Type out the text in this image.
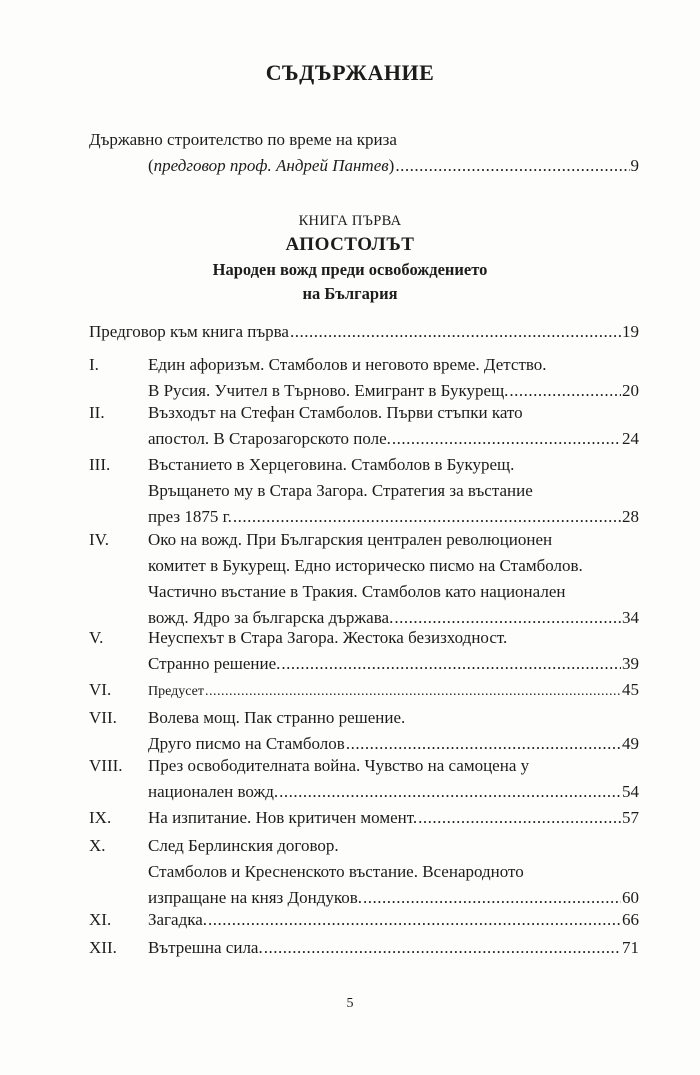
СЪДЪРЖАНИЕ
Държавно строителство по време на криза
( предговор проф. Андрей Пантев ) .....	9
КНИГА ПЪРВА
АПОСТОЛЪТ
Народен вожд преди освобождението
на България
Предговор към книга първа .....	19
I.	Един афоризъм. Стамболов и неговото време. Детство.
В Русия. Учител в Търново. Емигрант в Букурещ. .....	20
II.	Възходът на Стефан Стамболов. Първи стъпки като
апостол. В Старозагорското поле. .....	24
III.	Въстанието в Херцеговина. Стамболов в Букурещ.
Връщането му в Стара Загора. Стратегия за въстание
през 1875 г. .....	28
IV.	Око на вожд. При Българския централен революционен
комитет в Букурещ. Едно историческо писмо на Стамболов.
Частично въстание в Тракия. Стамболов като национален
вожд. Ядро за българска държава. .....	34
V.	Неуспехът в Стара Загора. Жестока безизходност.
Странно решение. .....	39
VI.	Предусет .....	45
VII.	Волева мощ. Пак странно решение.
Друго писмо на Стамболов .....	49
VIII.	През освободителната война. Чувство на самоцена у
национален вожд. .....	54
IX.	На изпитание. Нов критичен момент. .....	57
X.	След Берлинския договор.
Стамболов и Кресненското въстание. Всенародното
изпращане на княз Дондуков. .....	60
XI.	Загадка. .....	66
XII.	Вътрешна сила. .....	71
5
